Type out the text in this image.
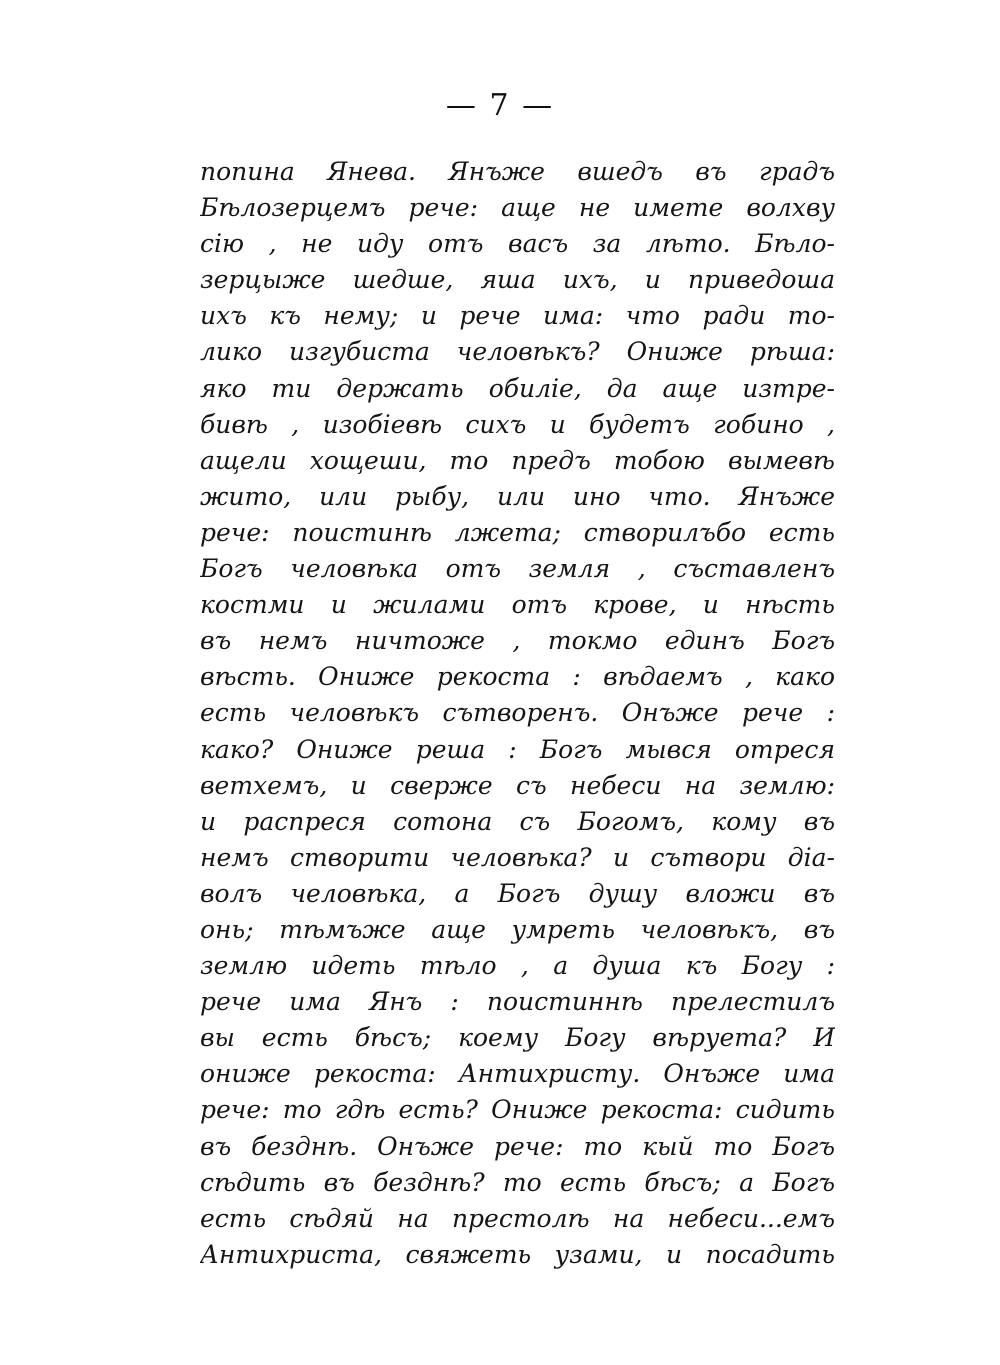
— 7 —
попина Янева. Янъже вшедъ въ градъ
Бѣлозерцемъ рече: аще не имете волхву
сію , не иду отъ васъ за лѣто. Бѣло-
зерцыже шедше, яша ихъ, и приведоша
ихъ къ нему; и рече има: что ради то-
лико изгубиста человѣкъ? Ониже рѣша:
яко ти держать обиліе, да аще изтре-
бивѣ , изобіевѣ сихъ и будетъ гобино ,
ащели хощеши, то предъ тобою вымевѣ
жито, или рыбу, или ино что. Янъже
рече: поистинѣ лжета; створилъбо есть
Богъ человѣка отъ земля , съставленъ
костми и жилами отъ крове, и нѣсть
въ немъ ничтоже , токмо единъ Богъ
вѣсть. Ониже рекоста : вѣдаемъ , како
есть человѣкъ сътворенъ. Онъже рече :
како? Ониже реша : Богъ мывся отреся
ветхемъ, и сверже съ небеси на землю:
и распреся сотона съ Богомъ, кому въ
немъ створити человѣка? и сътвори діа-
волъ человѣка, а Богъ душу вложи въ
онь; тѣмъже аще умреть человѣкъ, въ
землю идеть тѣло , а душа къ Богу :
рече има Янъ : поистиннѣ прелестилъ
вы есть бѣсъ; коему Богу вѣруета? И
ониже рекоста: Антихристу. Онъже има
рече: то гдѣ есть? Ониже рекоста: сидить
въ безднѣ. Онъже рече: то кый то Богъ
сѣдить въ безднѣ? то есть бѣсъ; а Богъ
есть сѣдяй на престолѣ на небеси...емъ
Антихриста, свяжеть узами, и посадить
